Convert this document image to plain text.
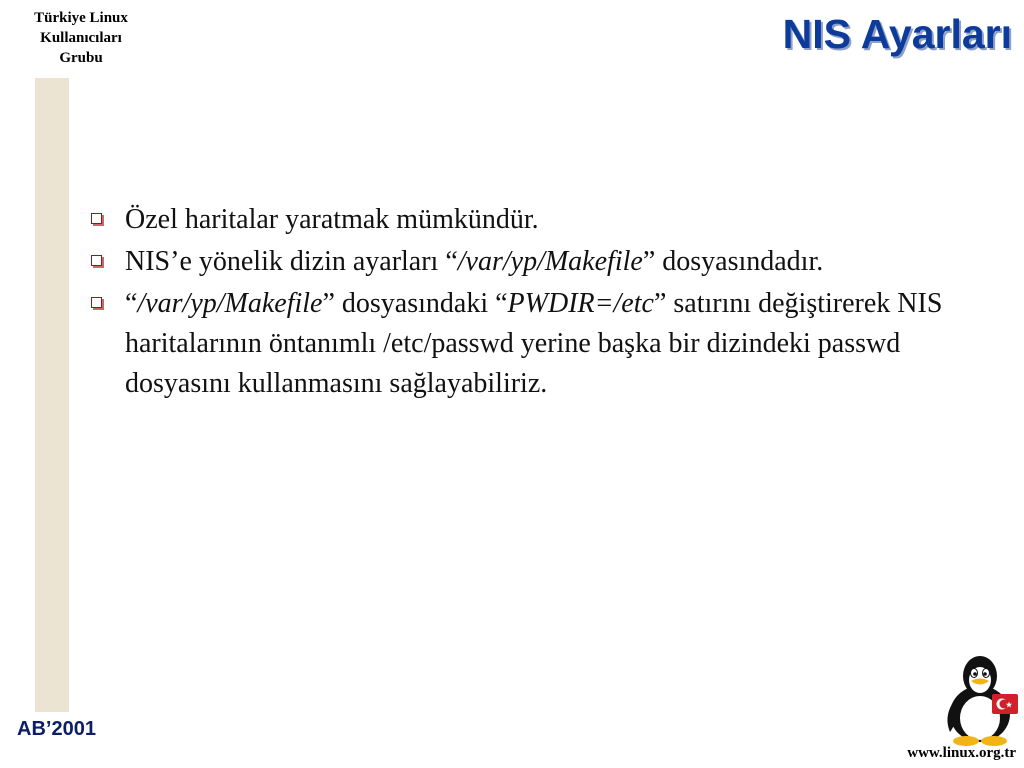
Türkiye Linux
Kullanıcıları
Grubu
NIS Ayarları
Özel haritalar yaratmak mümkündür.
NIS’e yönelik dizin ayarları “/var/yp/Makefile” dosyasındadır.
“/var/yp/Makefile” dosyasındaki “PWDIR=/etc” satırını değiştirerek NIS haritalarının öntanımlı /etc/passwd yerine başka bir dizindeki passwd dosyasını kullanmasını sağlayabiliriz.
AB’2001
www.linux.org.tr
